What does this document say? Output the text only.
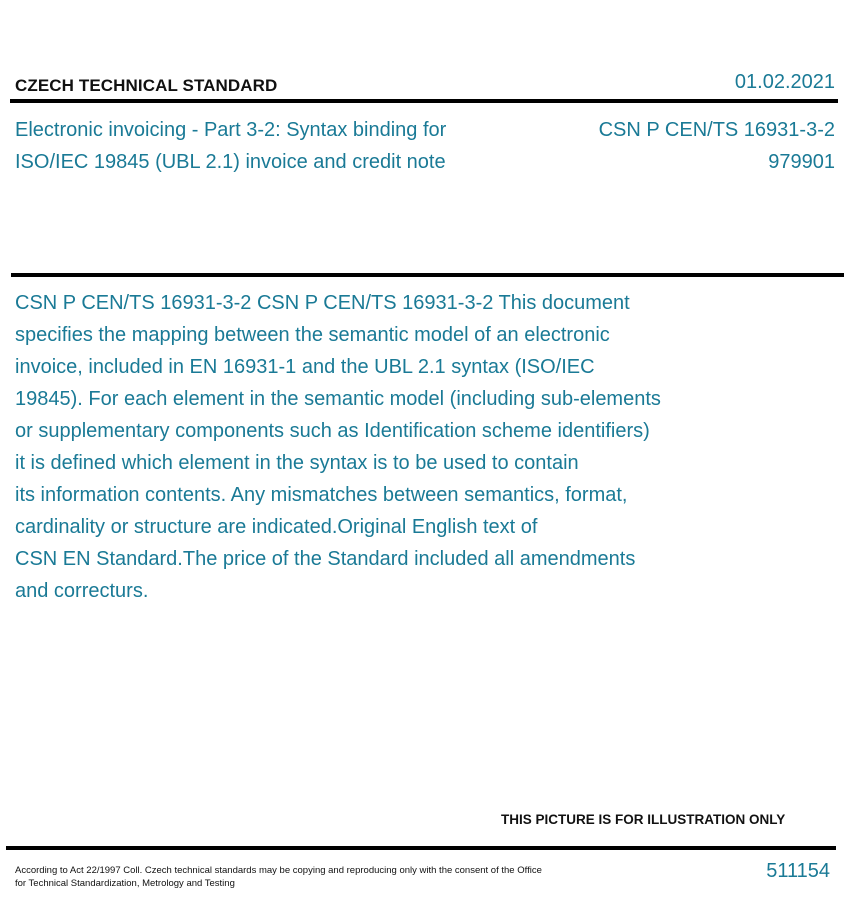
CZECH TECHNICAL STANDARD	01.02.2021
Electronic invoicing - Part 3-2: Syntax binding for
ISO/IEC 19845 (UBL 2.1) invoice and credit note
CSN P CEN/TS 16931-3-2
979901
CSN P CEN/TS 16931-3-2 CSN P CEN/TS 16931-3-2 This document
specifies the mapping between the semantic model of an electronic
invoice, included in EN 16931-1 and the UBL 2.1 syntax (ISO/IEC
19845). For each element in the semantic model (including sub-elements
or supplementary components such as Identification scheme identifiers)
it is defined which element in the syntax is to be used to contain
its information contents. Any mismatches between semantics, format,
cardinality or structure are indicated.Original English text of
CSN EN Standard.The price of the Standard included all amendments
and correcturs.
THIS PICTURE IS FOR ILLUSTRATION ONLY
According to Act 22/1997 Coll. Czech technical standards may be copying and reproducing only with the consent of the Office
for Technical Standardization, Metrology and Testing
511154
